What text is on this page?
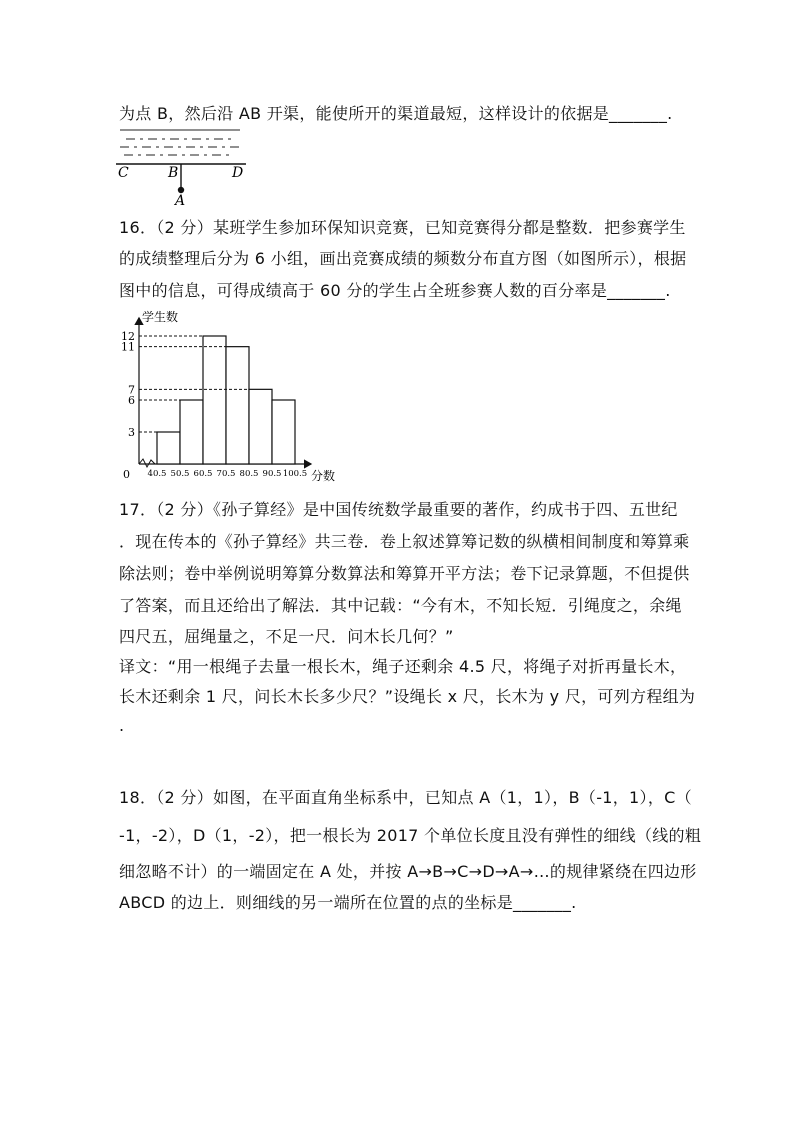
为点 B，然后沿 AB 开渠，能使所开的渠道最短，这样设计的依据是_______.
C	B	D
A
16．（2 分）某班学生参加环保知识竞赛，已知竞赛得分都是整数．把参赛学生
的成绩整理后分为 6 小组，画出竞赛成绩的频数分布直方图（如图所示），根据
图中的信息，可得成绩高于 60 分的学生占全班参赛人数的百分率是_______.
学生数
分数
0
3
6
7
11
12
40.5 50.5 60.5 70.5 80.5 90.5 100.5
17．（2 分）《孙子算经》是中国传统数学最重要的著作，约成书于四、五世纪
．现在传本的《孙子算经》共三卷．卷上叙述算筹记数的纵横相间制度和筹算乘
除法则；卷中举例说明筹算分数算法和筹算开平方法；卷下记录算题，不但提供
了答案，而且还给出了解法．其中记载：“今有木，不知长短．引绳度之，余绳
四尺五，屈绳量之，不足一尺．问木长几何？”
译文：“用一根绳子去量一根长木，绳子还剩余 4.5 尺，将绳子对折再量长木，
长木还剩余 1 尺，问长木长多少尺？”设绳长 x 尺，长木为 y 尺，可列方程组为
.
18．（2 分）如图，在平面直角坐标系中，已知点 A（1，1），B（-1，1），C（
-1，-2），D（1，-2），把一根长为 2017 个单位长度且没有弹性的细线（线的粗
细忽略不计）的一端固定在 A 处，并按 A→B→C→D→A→…的规律紧绕在四边形
ABCD 的边上．则细线的另一端所在位置的点的坐标是_______.
